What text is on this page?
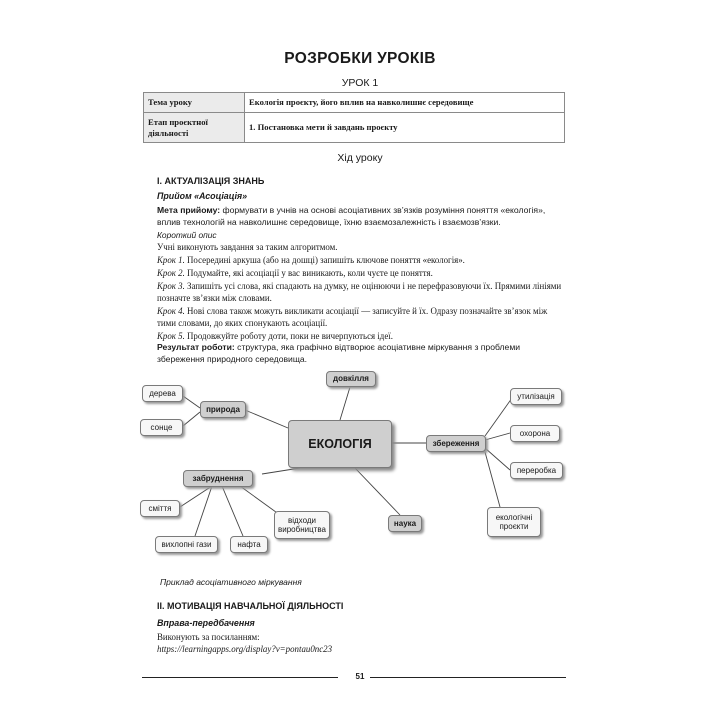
РОЗРОБКИ УРОКІВ
УРОК 1
Тема уроку	Екологія проєкту, його вплив на навколишнє середовище
Етап проєктної діяльності	1. Постановка мети й завдань проєкту
Хід уроку
I. АКТУАЛІЗАЦІЯ ЗНАНЬ
Прийом «Асоціація»
Мета прийому: формувати в учнів на основі асоціативних зв’язків розуміння поняття «екологія», вплив технологій на навколишнє середовище, їхню взаємозалежність і взаємозв’язки.
Короткий опис
Учні виконують завдання за таким алгоритмом.
Крок 1. Посередині аркуша (або на дошці) запишіть ключове поняття «екологія».
Крок 2. Подумайте, які асоціації у вас виникають, коли чуєте це поняття.
Крок 3. Запишіть усі слова, які спадають на думку, не оцінюючи і не перефразовуючи їх. Прямими лініями позначте зв’язки між словами.
Крок 4. Нові слова також можуть викликати асоціації — записуйте й їх. Одразу позначайте зв’язок між тими словами, до яких спонукають асоціації.
Крок 5. Продовжуйте роботу доти, поки не вичерпуються ідеї.
Результат роботи: структура, яка графічно відтворює асоціативне міркування з проблеми збереження природного середовища.
ЕКОЛОГІЯ
довкілля
природа
дерева
сонце
забруднення
сміття
вихлопні гази	нафта
відходи виробництва
наука
збереження
утилізація
охорона
переробка
екологічні проєкти
Приклад асоціативного міркування
II. МОТИВАЦІЯ НАВЧАЛЬНОЇ ДІЯЛЬНОСТІ
Вправа-передбачення
Виконують за посиланням:
https://learningapps.org/display?v=pontau0nc23
51
